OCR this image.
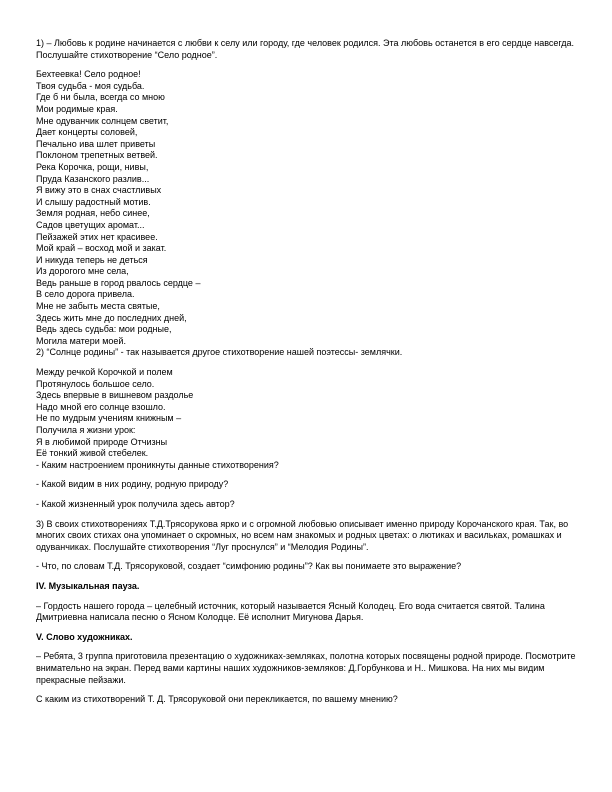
1) – Любовь к родине начинается с любви к селу или городу, где человек родился. Эта любовь останется в его сердце навсегда. Послушайте стихотворение “Село родное”.

Бехтеевка! Село родное!
Твоя судьба - моя судьба.
Где б ни была, всегда со мною
Мои родимые края.
Мне одуванчик солнцем светит,
Дает концерты соловей,
Печально ива шлет приветы
Поклоном трепетных ветвей.
Река Корочка, рощи, нивы,
Пруда Казанского разлив...
Я вижу это в снах счастливых
И слышу радостный мотив.
Земля родная, небо синее,
Садов цветущих аромат...
Пейзажей этих нет красивее.
Мой край – восход мой и закат.
И никуда теперь не деться
Из дорогого мне села,
Ведь раньше в город рвалось сердце –
В село дорога привела.
Мне не забыть места святые,
Здесь жить мне до последних дней,
Ведь здесь судьба: мои родные,
Могила матери моей.

2) “Солнце родины” - так называется другое стихотворение нашей поэтессы- землячки.

Между речкой Корочкой и полем
Протянулось большое село.
Здесь впервые в вишневом раздолье
Надо мной его солнце взошло.
Не по мудрым учениям книжным –
Получила я жизни урок:
Я в любимой природе Отчизны
Её тонкий живой стебелек.

- Каким настроением проникнуты данные стихотворения?

- Какой видим в них родину, родную природу?

- Какой жизненный урок получила здесь автор?

3) В своих стихотворениях Т.Д.Трясорукова ярко и с огромной любовью описывает именно природу Корочанского края. Так, во многих своих стихах она упоминает о скромных, но всем нам знакомых и родных цветах: о лютиках и васильках, ромашках и одуванчиках. Послушайте стихотворения “Луг проснулся” и “Мелодия Родины”.

- Что, по словам Т.Д. Трясоруковой, создает “симфонию родины”? Как вы понимаете это выражение?

IV. Музыкальная пауза.

– Гордость нашего города – целебный источник, который называется Ясный Колодец. Его вода считается святой. Талина Дмитриевна написала песню о Ясном Колодце. Её исполнит Мигунова Дарья.

V. Слово художниках.

– Ребята, 3 группа приготовила презентацию о художниках-земляках, полотна которых посвящены родной природе. Посмотрите внимательно на экран. Перед вами картины наших художников-земляков: Д.Горбункова и Н.. Мишкова. На них мы видим прекрасные пейзажи.

С каким из стихотворений Т. Д. Трясоруковой они перекликается, по вашему мнению?
